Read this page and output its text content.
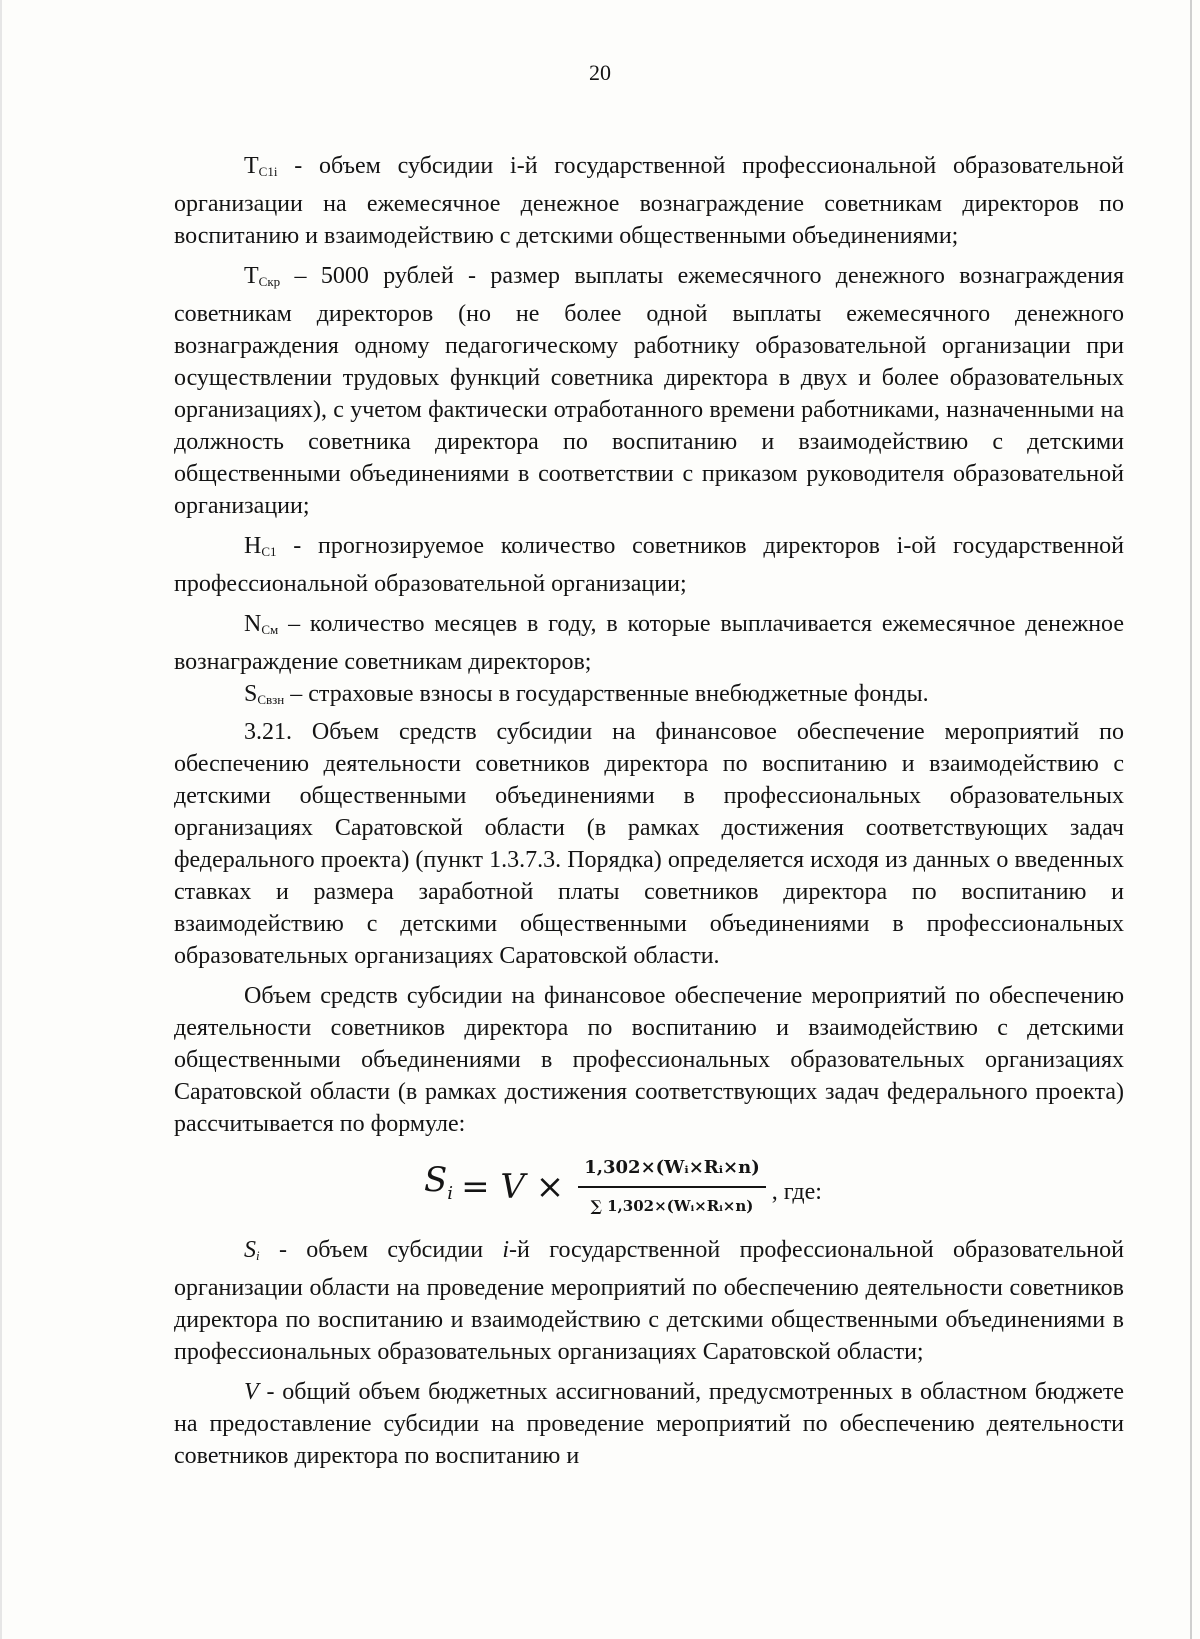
20

$Т_{C1i}$ - объем субсидии i-й государственной профессиональной образовательной организации на ежемесячное денежное вознаграждение советникам директоров по воспитанию и взаимодействию с детскими общественными объединениями;

$Т_{Скр} - 5000$ рублей - размер выплаты ежемесячного денежного вознаграждения советникам директоров (но не более одной выплаты ежемесячного денежного вознаграждения одному педагогическому работнику образовательной организации при осуществлении трудовых функций советника директора в двух и более образовательных организациях), с учетом фактически отработанного времени работниками, назначенными на должность советника директора по воспитанию и взаимодействию с детскими общественными объединениями в соответствии с приказом руководителя образовательной организации;

$Н_{С1}$ - прогнозируемое количество советников директоров i-ой государственной профессиональной образовательной организации;

$N_{См}$ – количество месяцев в году, в которые выплачивается ежемесячное денежное вознаграждение советникам директоров;

$S_{Свзн}$ – страховые взносы в государственные внебюджетные фонды.

3.21. Объем средств субсидии на финансовое обеспечение мероприятий по обеспечению деятельности советников директора по воспитанию и взаимодействию с детскими общественными объединениями в профессиональных образовательных организациях Саратовской области (в рамках достижения соответствующих задач федерального проекта) (пункт 1.3.7.3. Порядка) определяется исходя из данных о введенных ставках и размера заработной платы советников директора по воспитанию и взаимодействию с детскими общественными объединениями в профессиональных образовательных организациях Саратовской области.

Объем средств субсидии на финансовое обеспечение мероприятий по обеспечению деятельности советников директора по воспитанию и взаимодействию с детскими общественными объединениями в профессиональных образовательных организациях Саратовской области (в рамках достижения соответствующих задач федерального проекта) рассчитывается по формуле:

$S_i = V \times \frac{\text{1,302×(Wᵢ×Rᵢ×n)}}{\text{∑ 1,302×(Wᵢ×Rᵢ×n)}}$ , где:

$S_i$ - объем субсидии i-й государственной профессиональной образовательной организации области на проведение мероприятий по обеспечению деятельности советников директора по воспитанию и взаимодействию с детскими общественными объединениями в профессиональных образовательных организациях Саратовской области;

V - общий объем бюджетных ассигнований, предусмотренных в областном бюджете на предоставление субсидии на проведение мероприятий по обеспечению деятельности советников директора по воспитанию и
